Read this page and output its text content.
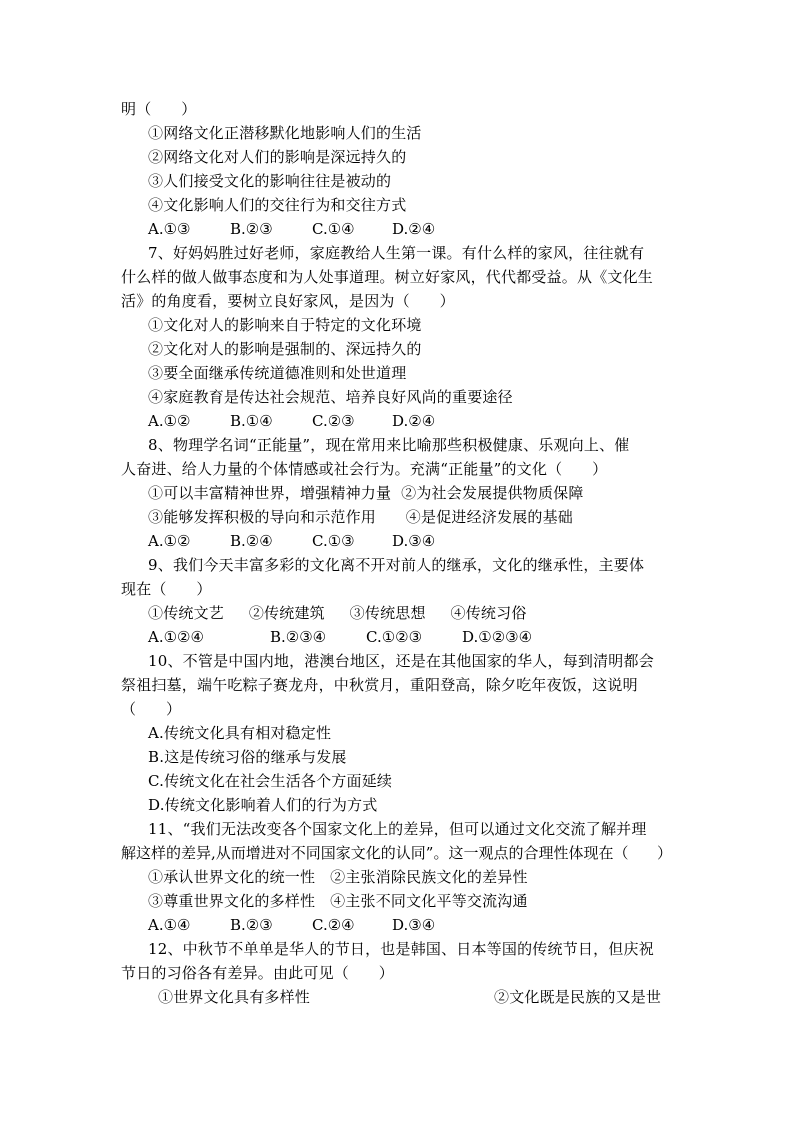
明（      ）
①网络文化正潜移默化地影响人们的生活
②网络文化对人们的影响是深远持久的
③人们接受文化的影响往往是被动的
④文化影响人们的交往行为和交往方式

A.①③

	B.②③

	C.①④

D.②④

7、好妈妈胜过好老师，家庭教给人生第一课。有什么样的家风，往往就有
什么样的做人做事态度和为人处事道理。树立好家风，代代都受益。从《文化生
活》的角度看，要树立良好家风，是因为（      ）
①文化对人的影响来自于特定的文化环境
②文化对人的影响是强制的、深远持久的
③要全面继承传统道德准则和处世道理
④家庭教育是传达社会规范、培养良好风尚的重要途径

A.①②

	B.①④

	C.②③

D.②④

8、物理学名词“正能量”，现在常用来比喻那些积极健康、乐观向上、催
人奋进、给人力量的个体情感或社会行为。充满“正能量”的文化（      ）
①可以丰富精神世界，增强精神力量  ②为社会发展提供物质保障
③能够发挥积极的导向和示范作用      ④是促进经济发展的基础

A.①②

	B.②④

	C.①③

D.③④

9、我们今天丰富多彩的文化离不开对前人的继承，文化的继承性，主要体
现在（      ）
①传统文艺     ②传统建筑     ③传统思想     ④传统习俗

A.①②④

	B.②③④

	C.①②③

	D.①②③④

10、不管是中国内地，港澳台地区，还是在其他国家的华人，每到清明都会
祭祖扫墓，端午吃粽子赛龙舟，中秋赏月，重阳登高，除夕吃年夜饭，这说明
（      ）
A.传统文化具有相对稳定性
B.这是传统习俗的继承与发展
C.传统文化在社会生活各个方面延续
D.传统文化影响着人们的行为方式
11、“我们无法改变各个国家文化上的差异，但可以通过文化交流了解并理
解这样的差异,从而增进对不同国家文化的认同”。这一观点的合理性体现在（      ）
①承认世界文化的统一性   ②主张消除民族文化的差异性
③尊重世界文化的多样性   ④主张不同文化平等交流沟通

A.①④

	B.②③

	C.②④

D.③④

12、中秋节不单单是华人的节日，也是韩国、日本等国的传统节日，但庆祝
节日的习俗各有差异。由此可见（      ）
①世界文化具有多样性	②文化既是民族的又是世
